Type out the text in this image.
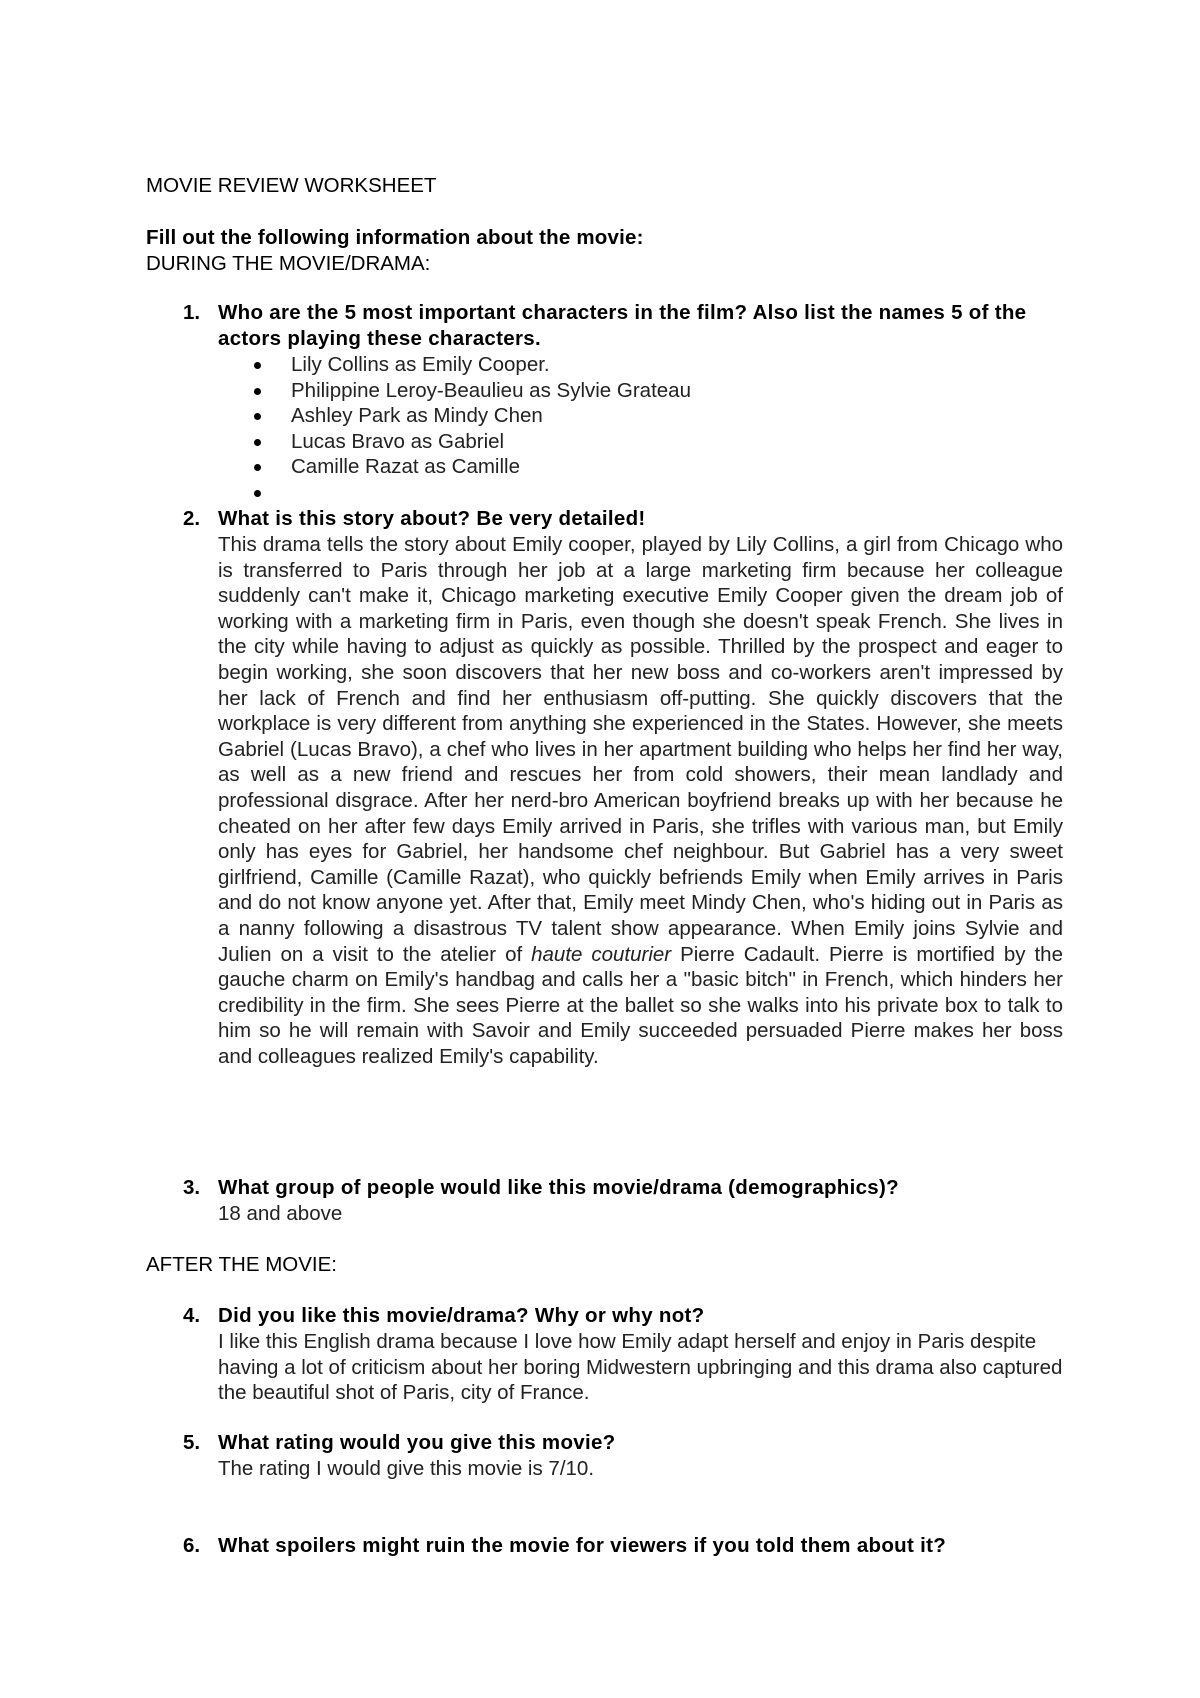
MOVIE REVIEW WORKSHEET

Fill out the following information about the movie:
DURING THE MOVIE/DRAMA:

1. Who are the 5 most important characters in the film? Also list the names 5 of the actors playing these characters.
Lily Collins as Emily Cooper.
Philippine Leroy-Beaulieu as Sylvie Grateau
Ashley Park as Mindy Chen
Lucas Bravo as Gabriel
Camille Razat as Camille
2. What is this story about? Be very detailed!
This drama tells the story about Emily cooper, played by Lily Collins, a girl from Chicago who is transferred to Paris through her job at a large marketing firm because her colleague suddenly can't make it, Chicago marketing executive Emily Cooper given the dream job of working with a marketing firm in Paris, even though she doesn't speak French. She lives in the city while having to adjust as quickly as possible. Thrilled by the prospect and eager to begin working, she soon discovers that her new boss and co-workers aren't impressed by her lack of French and find her enthusiasm off-putting. She quickly discovers that the workplace is very different from anything she experienced in the States. However, she meets Gabriel (Lucas Bravo), a chef who lives in her apartment building who helps her find her way, as well as a new friend and rescues her from cold showers, their mean landlady and professional disgrace. After her nerd-bro American boyfriend breaks up with her because he cheated on her after few days Emily arrived in Paris, she trifles with various man, but Emily only has eyes for Gabriel, her handsome chef neighbour. But Gabriel has a very sweet girlfriend, Camille (Camille Razat), who quickly befriends Emily when Emily arrives in Paris and do not know anyone yet. After that, Emily meet Mindy Chen, who's hiding out in Paris as a nanny following a disastrous TV talent show appearance. When Emily joins Sylvie and Julien on a visit to the atelier of haute couturier Pierre Cadault. Pierre is mortified by the gauche charm on Emily's handbag and calls her a "basic bitch" in French, which hinders her credibility in the firm. She sees Pierre at the ballet so she walks into his private box to talk to him so he will remain with Savoir and Emily succeeded persuaded Pierre makes her boss and colleagues realized Emily's capability.
3. What group of people would like this movie/drama (demographics)?
18 and above

AFTER THE MOVIE:

4. Did you like this movie/drama? Why or why not?
I like this English drama because I love how Emily adapt herself and enjoy in Paris despite having a lot of criticism about her boring Midwestern upbringing and this drama also captured the beautiful shot of Paris, city of France.
5. What rating would you give this movie?
The rating I would give this movie is 7/10.
6. What spoilers might ruin the movie for viewers if you told them about it?
